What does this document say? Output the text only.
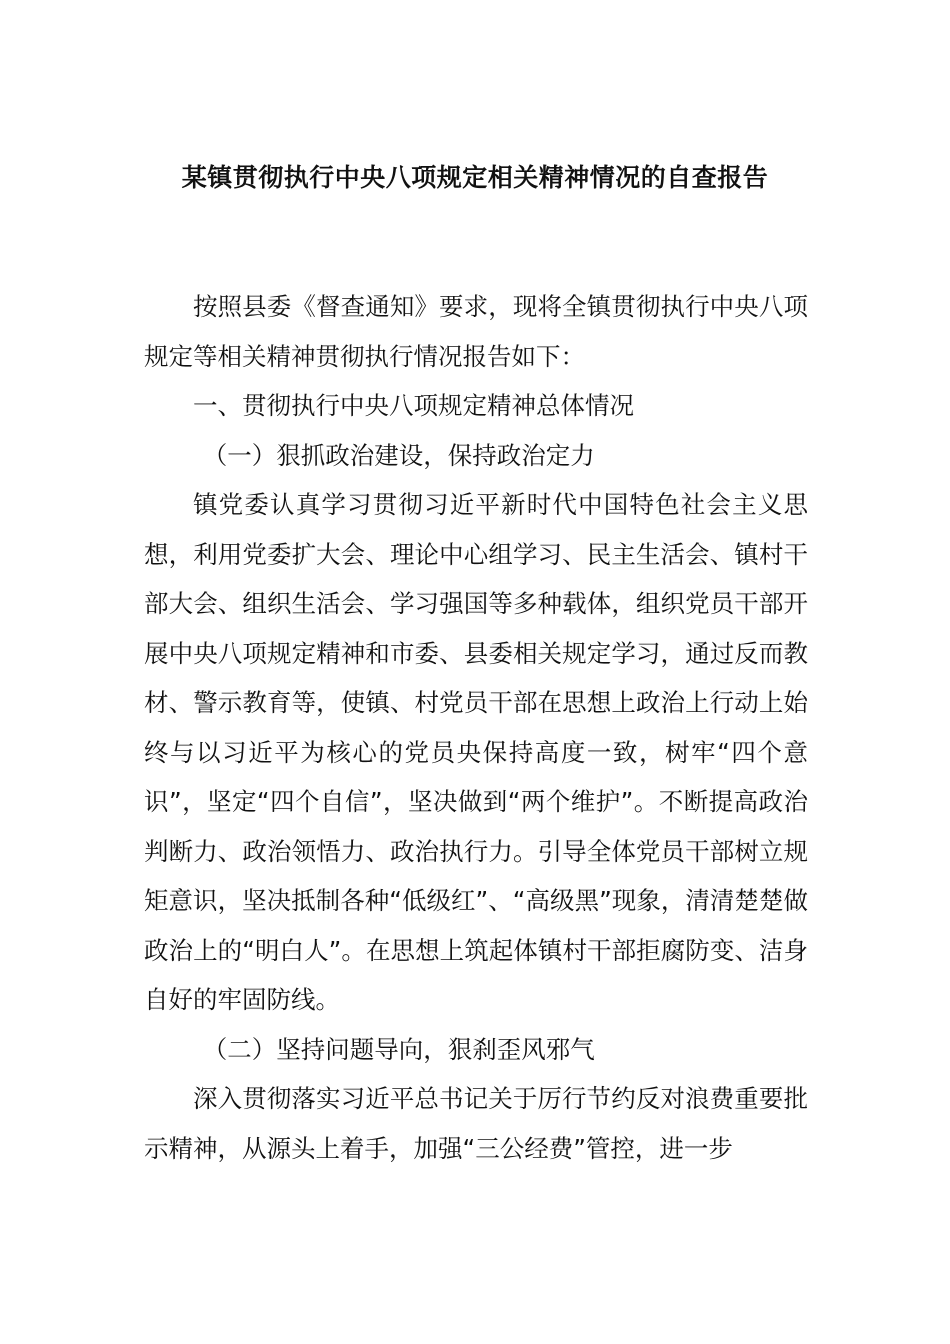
某镇贯彻执行中央八项规定相关精神情况的自查报告

按照县委《督查通知》要求，现将全镇贯彻执行中央八项规定等相关精神贯彻执行情况报告如下：

一、贯彻执行中央八项规定精神总体情况

（一）狠抓政治建设，保持政治定力

镇党委认真学习贯彻习近平新时代中国特色社会主义思想，利用党委扩大会、理论中心组学习、民主生活会、镇村干部大会、组织生活会、学习强国等多种载体，组织党员干部开展中央八项规定精神和市委、县委相关规定学习，通过反而教材、警示教育等，使镇、村党员干部在思想上政治上行动上始终与以习近平为核心的党员央保持高度一致，树牢“四个意识”，坚定“四个自信”，坚决做到“两个维护”。不断提高政治判断力、政治领悟力、政治执行力。引导全体党员干部树立规矩意识，坚决抵制各种“低级红”、“高级黑”现象，清清楚楚做政治上的“明白人”。在思想上筑起体镇村干部拒腐防变、洁身自好的牢固防线。

（二）坚持问题导向，狠刹歪风邪气

深入贯彻落实习近平总书记关于厉行节约反对浪费重要批示精神，从源头上着手，加强“三公经费”管控，进一步
